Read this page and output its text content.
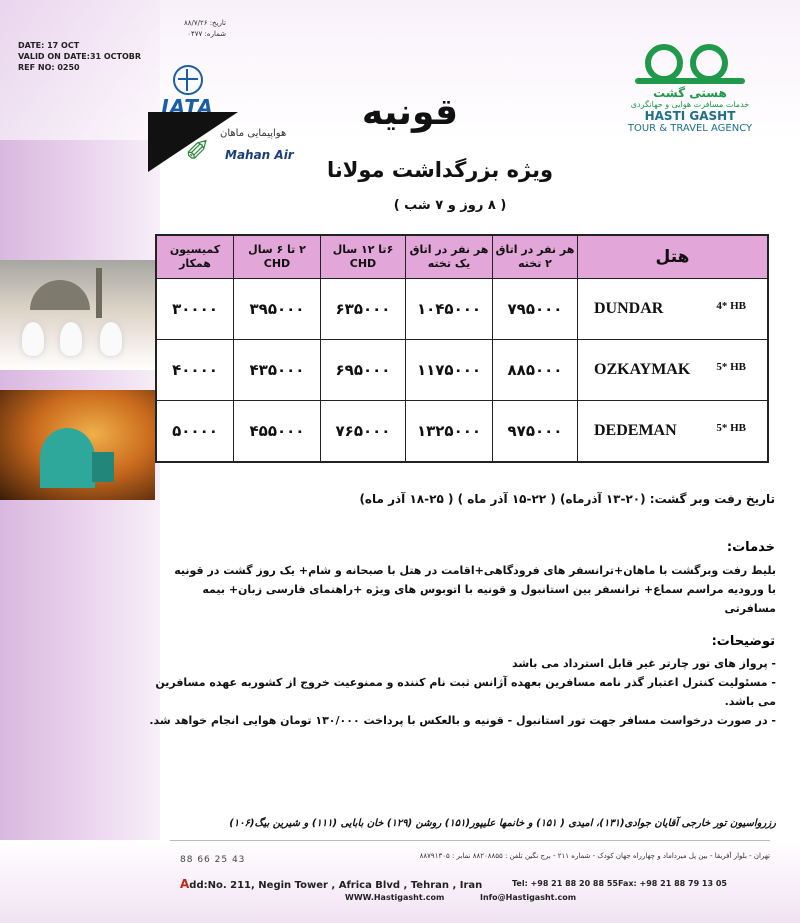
DATE: 17 OCT
VALID ON DATE:31 OCTOBR
REF NO: 0250
تاریخ: ۸۸/۷/۲۶
شماره: ۰۴۷۷
IATA
✐
هواپیمایی ماهان
Mahan Air
هستی گشت
خدمات مسافرت هوایی و جهانگردی
HASTI GASHT
TOUR & TRAVEL AGENCY
قونیه
ویژه بزرگداشت مولانا
( ۸ روز و ۷ شب )
کمیسیون همکار	۲ تا ۶ سال CHD	۶تا ۱۲ سال CHD	هر نفر در اتاق یک تخته	هر نفر در اتاق ۲ تخته	هتل
۳۰۰۰۰	۳۹۵۰۰۰	۶۳۵۰۰۰	۱۰۴۵۰۰۰	۷۹۵۰۰۰	DUNDAR 4* HB

۴۰۰۰۰	۴۳۵۰۰۰	۶۹۵۰۰۰	۱۱۷۵۰۰۰	۸۸۵۰۰۰	OZKAYMAK 5* HB

۵۰۰۰۰	۴۵۵۰۰۰	۷۶۵۰۰۰	۱۳۲۵۰۰۰	۹۷۵۰۰۰	DEDEMAN 5* HB
تاریخ رفت وبر گشت: (۲۰-۱۳ آذرماه) ( ۲۲-۱۵ آذر ماه ) ( ۲۵-۱۸ آذر ماه)
خدمات:
بلیط رفت وبرگشت با ماهان+ترانسفر های فرودگاهی+اقامت در هتل با صبحانه و شام+ یک روز گشت در قونیه
با ورودیه مراسم سماع+ ترانسفر بین استانبول و قونیه با اتوبوس های ویژه +راهنمای فارسی زبان+ بیمه مسافرتی
توضیحات:
- پرواز های تور چارتر غیر قابل استرداد می باشد
- مسئولیت کنترل اعتبار گذر نامه مسافرین بعهده آژانس ثبت نام کننده و ممنوعیت خروج از کشوربه عهده مسافرین می باشد.
- در صورت درخواست مسافر جهت تور استانبول - قونیه و بالعکس با پرداخت ۱۳۰/۰۰۰ تومان هوایی انجام خواهد شد.
رزرواسیون تور خارجی آقایان جوادی(۱۳۱)، امیدی ( ۱۵۱) و خانمها علیپور(۱۵۱) روشن (۱۲۹) خان بابایی (۱۱۱) و شیرین بیگ(۱۰۶)
تهران - بلوار آفریقا - بین پل میرداماد و چهارراه جهان کودک - شماره ۲۱۱ - برج نگین تلفن : ۸۸۲۰۸۸۵۵ نمابر : ۸۸۷۹۱۳۰۵
88 66 25 43
Add:No. 211, Negin Tower , Africa Blvd , Tehran , Iran	Tel: +98 21 88 20 88 55 Fax: +98 21 88 79 13 05
WWW.Hastigasht.com	Info@Hastigasht.com
